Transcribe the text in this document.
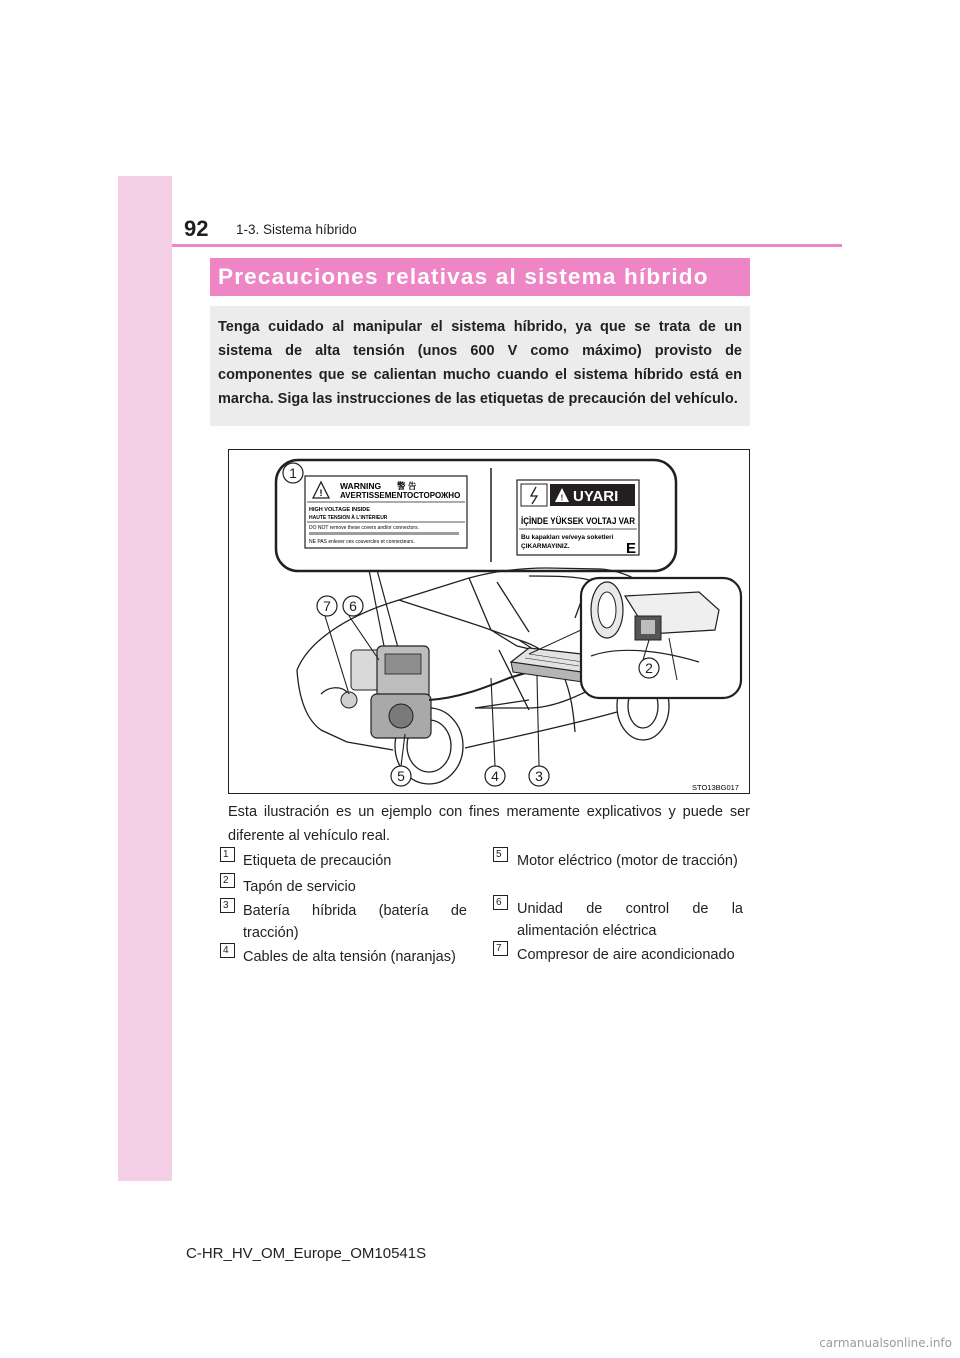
92 1-3. Sistema híbrido
Precauciones relativas al sistema híbrido

Tenga cuidado al manipular el sistema híbrido, ya que se trata de un sistema de alta tensión (unos 600 V como máximo) provisto de componentes que se calientan mucho cuando el sistema híbrido está en marcha. Siga las instrucciones de las etiquetas de precaución del vehículo.

!
WARNING 警 告
AVERTISSEMENT ОСТОРОЖНО
HIGH VOLTAGE INSIDE
HAUTE TENSION À L'INTÉRIEUR
DO NOT remove these covers and/or connectors.
NE PAS enlever ces couvercles et connecteurs.
! UYARI
İÇİNDE YÜKSEK VOLTAJ VAR
Bu kapakları ve/veya soketleri
ÇIKARMAYINIZ.	E
1
2
3
4
5
6
7
STO13BG017

Esta ilustración es un ejemplo con fines meramente explicativos y puede ser diferente al vehículo real.

Etiqueta de precaución
1
Tapón de servicio
2
Batería híbrida (batería de tracción)
3
Cables de alta tensión (naranjas)
4
Motor eléctrico (motor de tracción)
5
Unidad de control de la alimentación eléctrica
6
Compresor de aire acondicionado
7
C-HR_HV_OM_Europe_OM10541S
carmanualsonline.info
